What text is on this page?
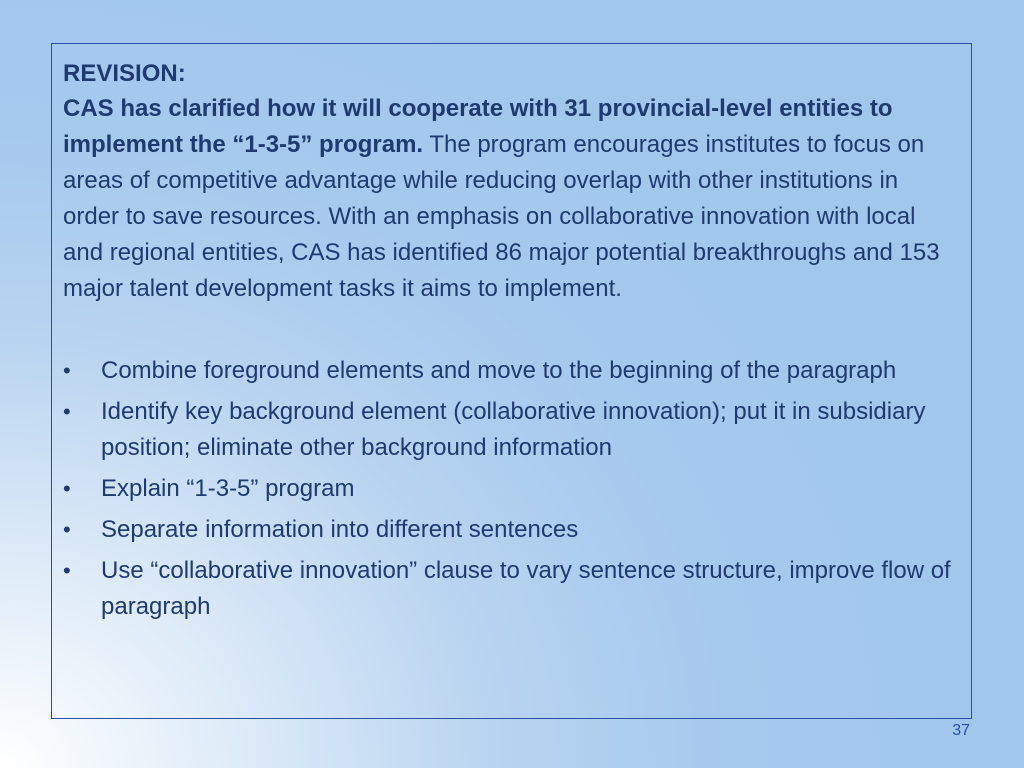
REVISION:

CAS has clarified how it will cooperate with 31 provincial-level entities to implement the “1-3-5” program. The program encourages institutes to focus on areas of competitive advantage while reducing overlap with other institutions in order to save resources. With an emphasis on collaborative innovation with local and regional entities, CAS has identified 86 major potential breakthroughs and 153 major talent development tasks it aims to implement.

• Combine foreground elements and move to the beginning of the paragraph
• Identify key background element (collaborative innovation); put it in subsidiary position; eliminate other background information
• Explain “1-3-5” program
• Separate information into different sentences
• Use “collaborative innovation” clause to vary sentence structure, improve flow of paragraph
37
